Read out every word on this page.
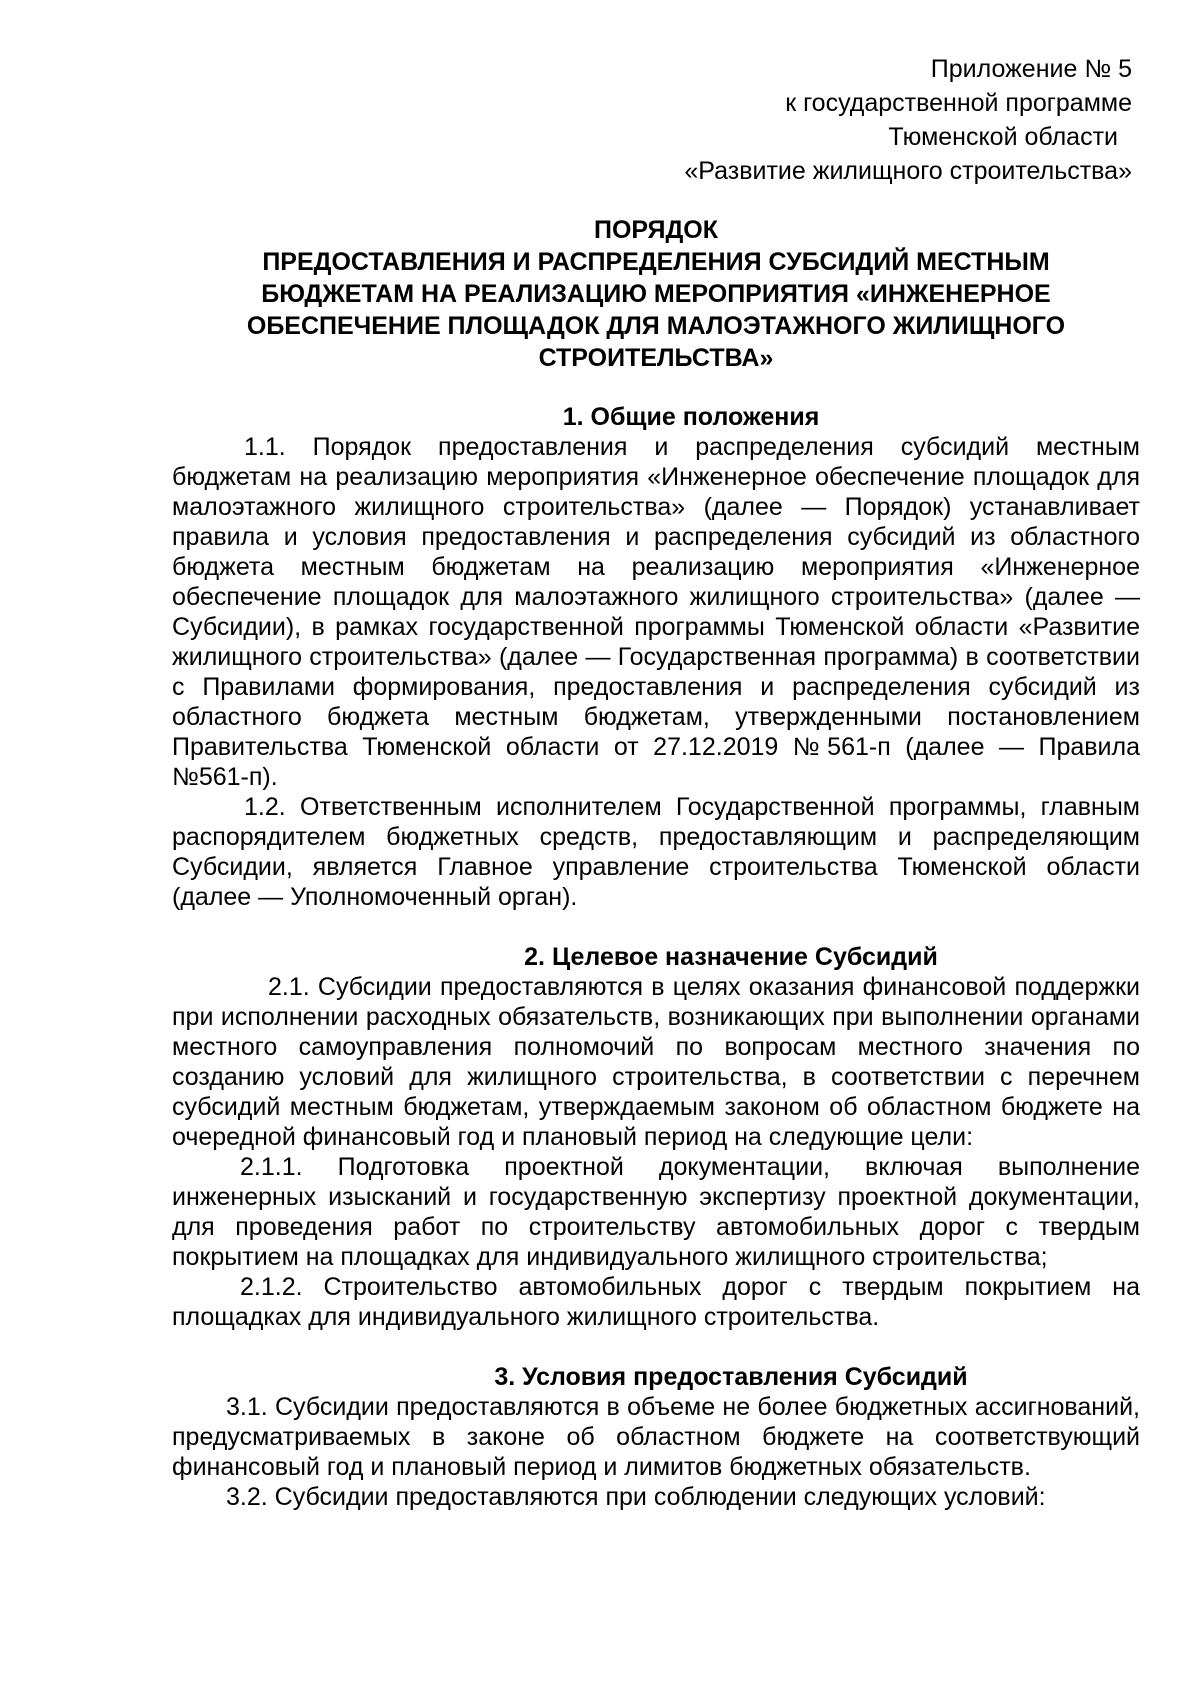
Приложение № 5
к государственной программе
Тюменской области
«Развитие жилищного строительства»
ПОРЯДОК
ПРЕДОСТАВЛЕНИЯ И РАСПРЕДЕЛЕНИЯ СУБСИДИЙ МЕСТНЫМ
БЮДЖЕТАМ НА РЕАЛИЗАЦИЮ МЕРОПРИЯТИЯ «ИНЖЕНЕРНОЕ
ОБЕСПЕЧЕНИЕ ПЛОЩАДОК ДЛЯ МАЛОЭТАЖНОГО ЖИЛИЩНОГО
СТРОИТЕЛЬСТВА»
1. Общие положения

1.1. Порядок предоставления и распределения субсидий местным бюджетам на реализацию мероприятия «Инженерное обеспечение площадок для малоэтажного жилищного строительства» (далее — Порядок) устанавливает правила и условия предоставления и распределения субсидий из областного бюджета местным бюджетам на реализацию мероприятия «Инженерное обеспечение площадок для малоэтажного жилищного строительства» (далее — Субсидии), в рамках государственной программы Тюменской области «Развитие жилищного строительства» (далее — Государственная программа) в соответствии с Правилами формирования, предоставления и распределения субсидий из областного бюджета местным бюджетам, утвержденными постановлением Правительства Тюменской области от 27.12.2019 №561-п (далее — Правила №561-п).

1.2. Ответственным исполнителем Государственной программы, главным распорядителем бюджетных средств, предоставляющим и распределяющим Субсидии, является Главное управление строительства Тюменской области (далее — Уполномоченный орган).

2. Целевое назначение Субсидий

2.1. Субсидии предоставляются в целях оказания финансовой поддержки при исполнении расходных обязательств, возникающих при выполнении органами местного самоуправления полномочий по вопросам местного значения по созданию условий для жилищного строительства, в соответствии с перечнем субсидий местным бюджетам, утверждаемым законом об областном бюджете на очередной финансовый год и плановый период на следующие цели:

2.1.1. Подготовка проектной документации, включая выполнение инженерных изысканий и государственную экспертизу проектной документации, для проведения работ по строительству автомобильных дорог с твердым покрытием на площадках для индивидуального жилищного строительства;

2.1.2. Строительство автомобильных дорог с твердым покрытием на площадках для индивидуального жилищного строительства.

3. Условия предоставления Субсидий

3.1. Субсидии предоставляются в объеме не более бюджетных ассигнований, предусматриваемых в законе об областном бюджете на соответствующий финансовый год и плановый период и лимитов бюджетных обязательств.

3.2. Субсидии предоставляются при соблюдении следующих условий:
